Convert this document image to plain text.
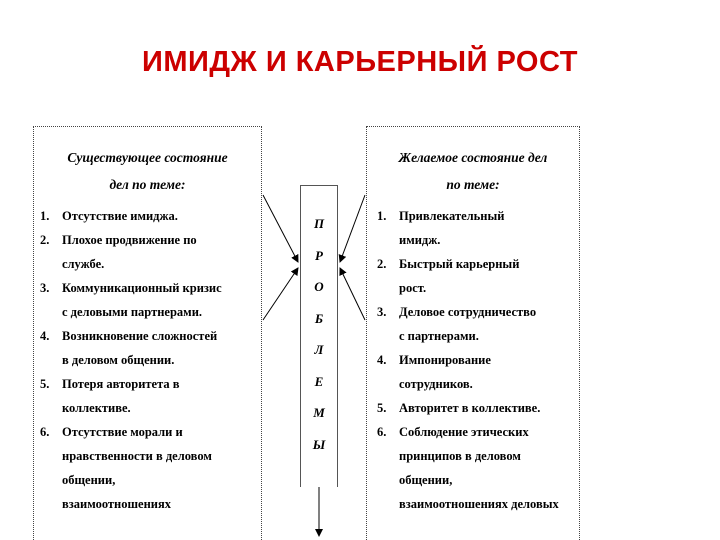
ИМИДЖ И КАРЬЕРНЫЙ РОСТ
Существующее состояние
дел по теме:
1.	Отсутствие имиджа.
2.	Плохое продвижение по
службе.
3.	Коммуникационный кризис
с деловыми партнерами.
4.	Возникновение сложностей
в деловом общении.
5.	Потеря авторитета в
коллективе.
6.	Отсутствие морали и
нравственности в деловом
общении,
взаимоотношениях
П
Р
О
Б
Л
Е
М
Ы
Желаемое состояние дел
по теме:
1.	Привлекательный
имидж.
2.	Быстрый карьерный
рост.
3.	Деловое сотрудничество
с партнерами.
4.	Импонирование
сотрудников.
5.	Авторитет в коллективе.
6.	Соблюдение этических
принципов в деловом
общении,
взаимоотношениях деловых
